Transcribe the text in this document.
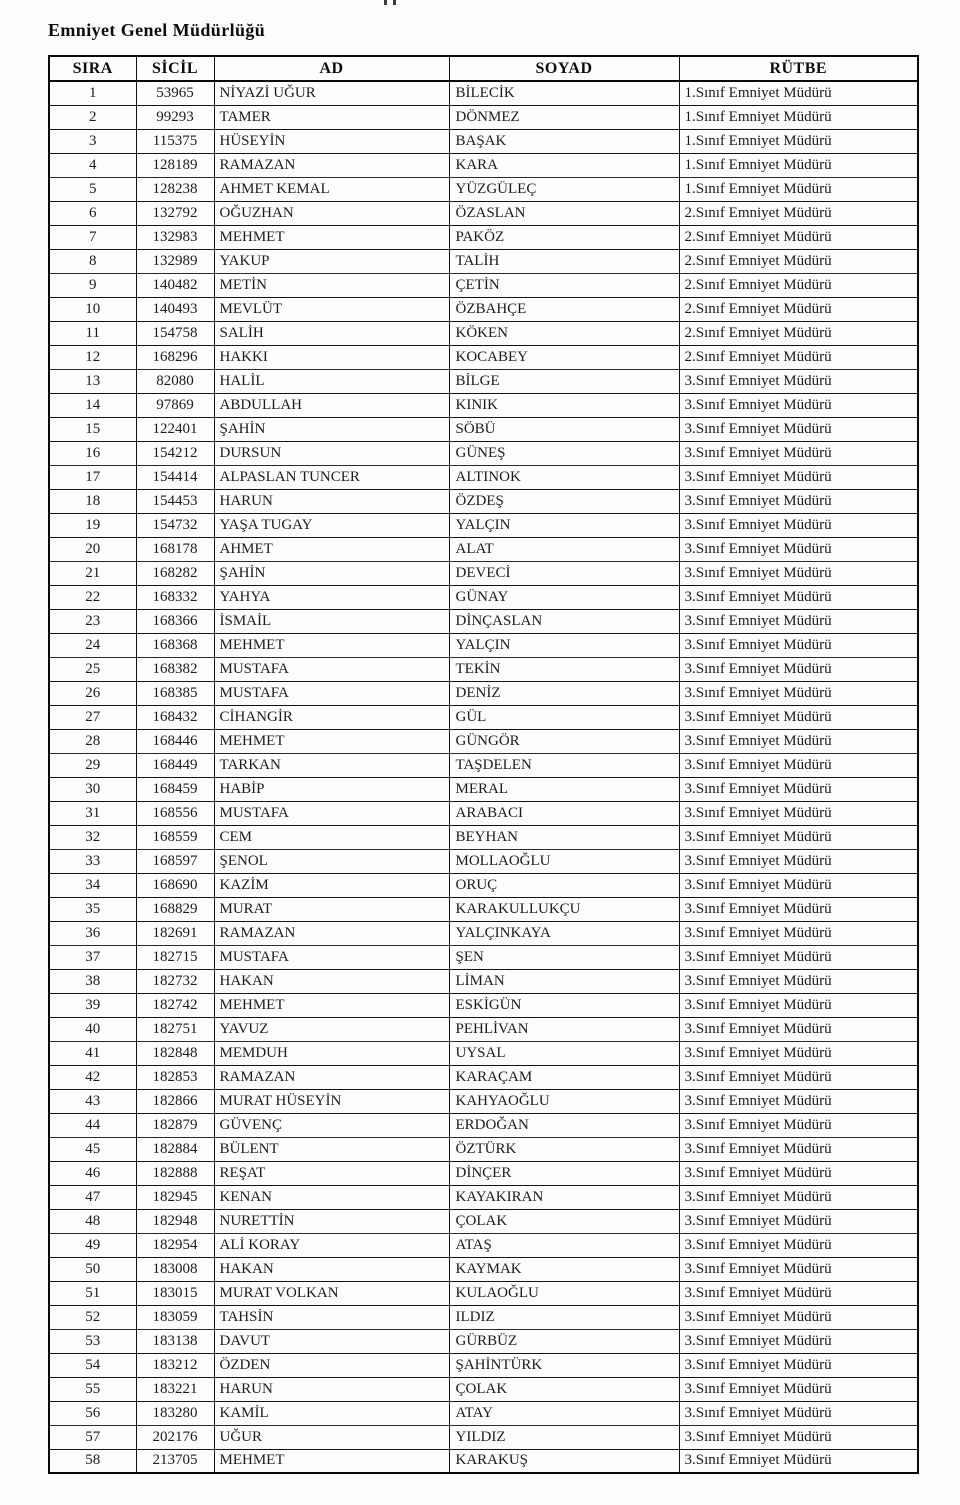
Emniyet Genel Müdürlüğü
SIRA	SİCİL	AD	SOYAD	RÜTBE
1	53965	NİYAZİ UĞUR	BİLECİK	1.Sınıf Emniyet Müdürü
2	99293	TAMER	DÖNMEZ	1.Sınıf Emniyet Müdürü
3	115375	HÜSEYİN	BAŞAK	1.Sınıf Emniyet Müdürü
4	128189	RAMAZAN	KARA	1.Sınıf Emniyet Müdürü
5	128238	AHMET KEMAL	YÜZGÜLEÇ	1.Sınıf Emniyet Müdürü
6	132792	OĞUZHAN	ÖZASLAN	2.Sınıf Emniyet Müdürü
7	132983	MEHMET	PAKÖZ	2.Sınıf Emniyet Müdürü
8	132989	YAKUP	TALİH	2.Sınıf Emniyet Müdürü
9	140482	METİN	ÇETİN	2.Sınıf Emniyet Müdürü
10	140493	MEVLÜT	ÖZBAHÇE	2.Sınıf Emniyet Müdürü
11	154758	SALİH	KÖKEN	2.Sınıf Emniyet Müdürü
12	168296	HAKKI	KOCABEY	2.Sınıf Emniyet Müdürü
13	82080	HALİL	BİLGE	3.Sınıf Emniyet Müdürü
14	97869	ABDULLAH	KINIK	3.Sınıf Emniyet Müdürü
15	122401	ŞAHİN	SÖBÜ	3.Sınıf Emniyet Müdürü
16	154212	DURSUN	GÜNEŞ	3.Sınıf Emniyet Müdürü
17	154414	ALPASLAN TUNCER	ALTINOK	3.Sınıf Emniyet Müdürü
18	154453	HARUN	ÖZDEŞ	3.Sınıf Emniyet Müdürü
19	154732	YAŞA TUGAY	YALÇIN	3.Sınıf Emniyet Müdürü
20	168178	AHMET	ALAT	3.Sınıf Emniyet Müdürü
21	168282	ŞAHİN	DEVECİ	3.Sınıf Emniyet Müdürü
22	168332	YAHYA	GÜNAY	3.Sınıf Emniyet Müdürü
23	168366	İSMAİL	DİNÇASLAN	3.Sınıf Emniyet Müdürü
24	168368	MEHMET	YALÇIN	3.Sınıf Emniyet Müdürü
25	168382	MUSTAFA	TEKİN	3.Sınıf Emniyet Müdürü
26	168385	MUSTAFA	DENİZ	3.Sınıf Emniyet Müdürü
27	168432	CİHANGİR	GÜL	3.Sınıf Emniyet Müdürü
28	168446	MEHMET	GÜNGÖR	3.Sınıf Emniyet Müdürü
29	168449	TARKAN	TAŞDELEN	3.Sınıf Emniyet Müdürü
30	168459	HABİP	MERAL	3.Sınıf Emniyet Müdürü
31	168556	MUSTAFA	ARABACI	3.Sınıf Emniyet Müdürü
32	168559	CEM	BEYHAN	3.Sınıf Emniyet Müdürü
33	168597	ŞENOL	MOLLAOĞLU	3.Sınıf Emniyet Müdürü
34	168690	KAZİM	ORUÇ	3.Sınıf Emniyet Müdürü
35	168829	MURAT	KARAKULLUKÇU	3.Sınıf Emniyet Müdürü
36	182691	RAMAZAN	YALÇINKAYA	3.Sınıf Emniyet Müdürü
37	182715	MUSTAFA	ŞEN	3.Sınıf Emniyet Müdürü
38	182732	HAKAN	LİMAN	3.Sınıf Emniyet Müdürü
39	182742	MEHMET	ESKİGÜN	3.Sınıf Emniyet Müdürü
40	182751	YAVUZ	PEHLİVAN	3.Sınıf Emniyet Müdürü
41	182848	MEMDUH	UYSAL	3.Sınıf Emniyet Müdürü
42	182853	RAMAZAN	KARAÇAM	3.Sınıf Emniyet Müdürü
43	182866	MURAT HÜSEYİN	KAHYAOĞLU	3.Sınıf Emniyet Müdürü
44	182879	GÜVENÇ	ERDOĞAN	3.Sınıf Emniyet Müdürü
45	182884	BÜLENT	ÖZTÜRK	3.Sınıf Emniyet Müdürü
46	182888	REŞAT	DİNÇER	3.Sınıf Emniyet Müdürü
47	182945	KENAN	KAYAKIRAN	3.Sınıf Emniyet Müdürü
48	182948	NURETTİN	ÇOLAK	3.Sınıf Emniyet Müdürü
49	182954	ALİ KORAY	ATAŞ	3.Sınıf Emniyet Müdürü
50	183008	HAKAN	KAYMAK	3.Sınıf Emniyet Müdürü
51	183015	MURAT VOLKAN	KULAOĞLU	3.Sınıf Emniyet Müdürü
52	183059	TAHSİN	ILDIZ	3.Sınıf Emniyet Müdürü
53	183138	DAVUT	GÜRBÜZ	3.Sınıf Emniyet Müdürü
54	183212	ÖZDEN	ŞAHİNTÜRK	3.Sınıf Emniyet Müdürü
55	183221	HARUN	ÇOLAK	3.Sınıf Emniyet Müdürü
56	183280	KAMİL	ATAY	3.Sınıf Emniyet Müdürü
57	202176	UĞUR	YILDIZ	3.Sınıf Emniyet Müdürü
58	213705	MEHMET	KARAKUŞ	3.Sınıf Emniyet Müdürü
